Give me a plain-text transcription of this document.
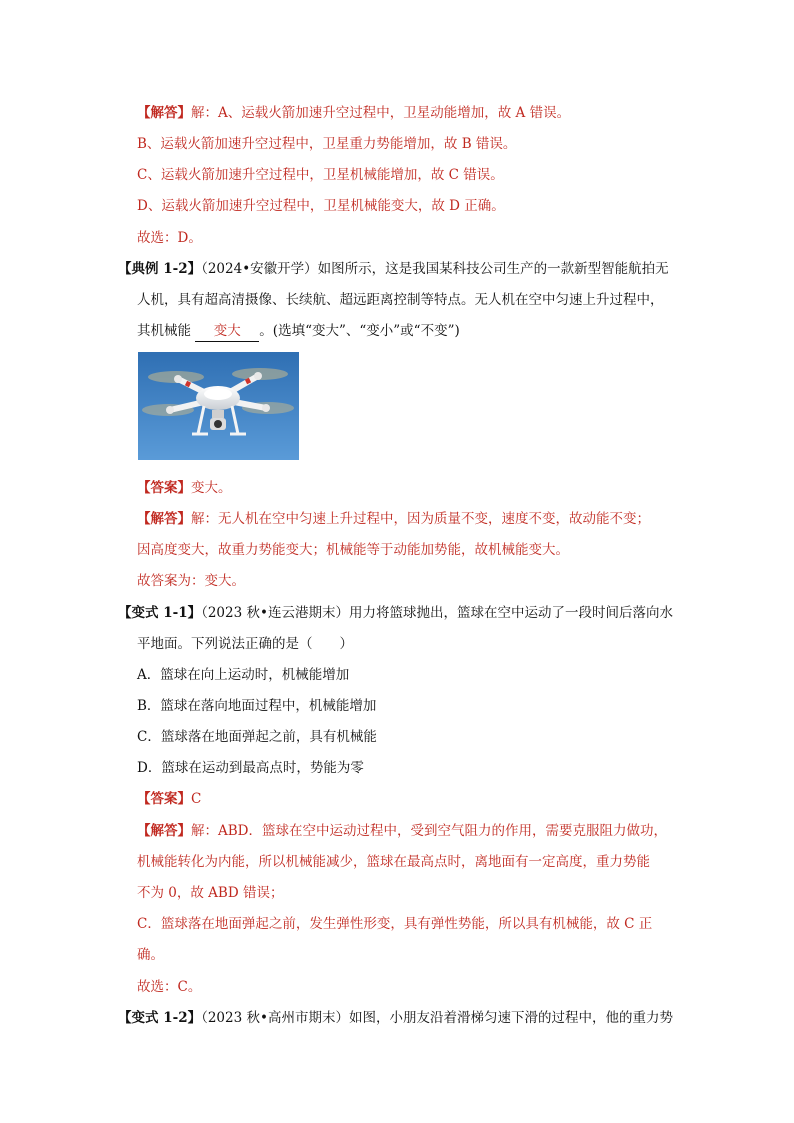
【解答】解：A、运载火箭加速升空过程中，卫星动能增加，故 A 错误。
B、运载火箭加速升空过程中，卫星重力势能增加，故 B 错误。
C、运载火箭加速升空过程中，卫星机械能增加，故 C 错误。
D、运载火箭加速升空过程中，卫星机械能变大，故 D 正确。
故选：D。
【典例 1-2】（2024•安徽开学）如图所示，这是我国某科技公司生产的一款新型智能航拍无
人机，具有超高清摄像、长续航、超远距离控制等特点。无人机在空中匀速上升过程中，
其机械能 变大 。(选填“变大”、“变小”或“不变”)
【答案】变大。
【解答】解：无人机在空中匀速上升过程中，因为质量不变，速度不变，故动能不变；
因高度变大，故重力势能变大；机械能等于动能加势能，故机械能变大。
故答案为：变大。
【变式 1-1】（2023 秋•连云港期末）用力将篮球抛出，篮球在空中运动了一段时间后落向水
平地面。下列说法正确的是（　　）
A．篮球在向上运动时，机械能增加
B．篮球在落向地面过程中，机械能增加
C．篮球落在地面弹起之前，具有机械能
D．篮球在运动到最高点时，势能为零
【答案】C
【解答】解：ABD．篮球在空中运动过程中，受到空气阻力的作用，需要克服阻力做功，
机械能转化为内能，所以机械能减少，篮球在最高点时，离地面有一定高度，重力势能
不为 0，故 ABD 错误；
C．篮球落在地面弹起之前，发生弹性形变，具有弹性势能，所以具有机械能，故 C 正
确。
故选：C。
【变式 1-2】（2023 秋•高州市期末）如图，小朋友沿着滑梯匀速下滑的过程中，他的重力势
